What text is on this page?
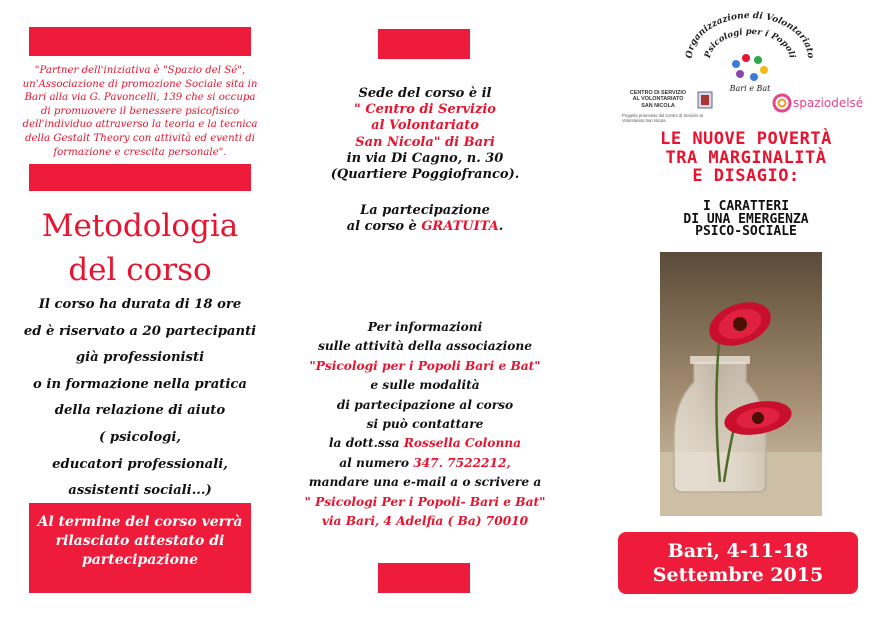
"Partner dell'iniziativa è "Spazio del Sé", un'Associazione di promozione Sociale sita in Bari alla via G. Pavoncelli, 139 che si occupa di promuovere il benessere psicofisico dell'individuo attraverso la teoria e la tecnica della Gestalt Theory con attività ed eventi di formazione e crescita personale".
Metodologia
del corso
Il corso ha durata di 18 ore
ed è riservato a 20 partecipanti
già professionisti
o in formazione nella pratica
della relazione di aiuto
( psicologi,
educatori professionali,
assistenti sociali...)
Al termine del corso verrà
rilasciato attestato di
partecipazione
Sede del corso è il
" Centro di Servizio
al Volontariato
San Nicola" di Bari
in via Di Cagno, n. 30
(Quartiere Poggiofranco).
La partecipazione
al corso è GRATUITA.
Per informazioni
sulle attività della associazione
"Psicologi per i Popoli Bari e Bat"
e sulle modalità
di partecipazione al corso
si può contattare
la dott.ssa Rossella Colonna
al numero 347. 7522212,
mandare una e-mail a o scrivere a
" Psicologi Per i Popoli- Bari e Bat"
via Bari, 4 Adelfia ( Ba) 70010
Organizzazione di Volontariato
Psicologi per i Popoli
Bari e Bat
CENTRO DI SERVIZIO
AL VOLONTARIATO
SAN NICOLA
Progetto promosso dal Centro di Servizio al Volontariato San Nicola
spaziodelsé
LE NUOVE POVERTÀ
TRA MARGINALITÀ
E DISAGIO:
I CARATTERI
DI UNA EMERGENZA
PSICO-SOCIALE
Bari, 4-11-18
Settembre 2015
